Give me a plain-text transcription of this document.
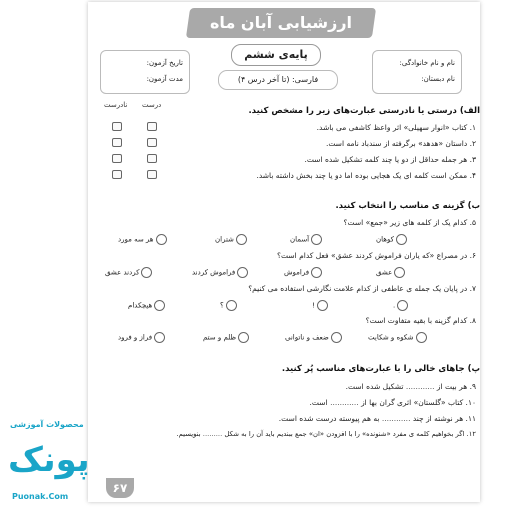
ارزشیابی آبان ماه
پایه‌ی ششم
نام و نام خانوادگی:
نام دبستان:
تاریخ آزمون:
مدت آزمون:	فارسی: (تا آخر درس ۴)
درست
نادرست
الف) درستی یا نادرستی عبارت‌های زیر را مشخص کنید.
۱. کتاب «انوار سهیلی» اثر واعظ کاشفی می باشد.
۲. داستان «هدهد» برگرفته از سندباد نامه است.
۳. هر جمله حداقل از دو یا چند کلمه تشکیل شده است.
۴. ممکن است کلمه ای یک هجایی بوده اما دو یا چند بخش داشته باشد.
ب) گزینه ی مناسب را انتخاب کنید.
۵. کدام یک از کلمه های زیر «جمع» است؟
کوهان
آسمان
شتران
هر سه مورد
۶. در مصراع «که یاران فراموش کردند عشق» فعل کدام است؟
عشق
فراموش
فراموش کردند
کردند عشق
۷. در پایان یک جمله ی عاطفی از کدام علامت نگارشی استفاده می کنیم؟
.
!
؟
هیچکدام
۸. کدام گزینه با بقیه متفاوت است؟
شکوه و شکایت
ضعف و ناتوانی
ظلم و ستم
فراز و فرود
پ) جاهای خالی را با عبارت‌های مناسب پُر کنید.
۹. هر بیت از ............ تشکیل شده است.
۱۰. کتاب «گلستان» اثری گران بها از ............ است.
۱۱. هر نوشته از چند ............ به هم پیوسته درست شده است.
۱۲. اگر بخواهیم کلمه ی مفرد «شنونده» را با افزودن «ان» جمع ببندیم باید آن را به شکل ......... بنویسیم.
۶۷
محصولات آموزشی
پونک
Puonak.Com
